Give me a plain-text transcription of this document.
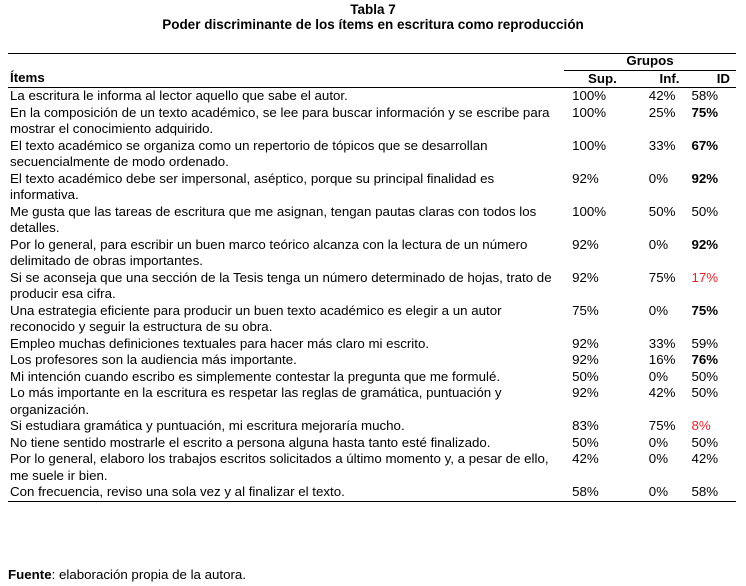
Tabla 7
Poder discriminante de los ítems en escritura como reproducción
	Grupos		
Ítems	Sup.	Inf.	ID
La escritura le informa al lector aquello que sabe el autor.	100%	42%	58%
En la composición de un texto académico, se lee para buscar información y se escribe para mostrar el conocimiento adquirido.	100%	25%	75%
El texto académico se organiza como un repertorio de tópicos que se desarrollan secuencialmente de modo ordenado.	100%	33%	67%
El texto académico debe ser impersonal, aséptico, porque su principal finalidad es informativa.	92%	0%	92%
Me gusta que las tareas de escritura que me asignan, tengan pautas claras con todos los detalles.	100%	50%	50%
Por lo general, para escribir un buen marco teórico alcanza con la lectura de un número delimitado de obras importantes.	92%	0%	92%
Si se aconseja que una sección de la Tesis tenga un número determinado de hojas, trato de producir esa cifra.	92%	75%	17%
Una estrategia eficiente para producir un buen texto académico es elegir a un autor reconocido y seguir la estructura de su obra.	75%	0%	75%
Empleo muchas definiciones textuales para hacer más claro mi escrito.	92%	33%	59%
Los profesores son la audiencia más importante.	92%	16%	76%
Mi intención cuando escribo es simplemente contestar la pregunta que me formulé.	50%	0%	50%
Lo más importante en la escritura es respetar las reglas de gramática, puntuación y organización.	92%	42%	50%
Si estudiara gramática y puntuación, mi escritura mejoraría mucho.	83%	75%	8%
No tiene sentido mostrarle el escrito a persona alguna hasta tanto esté finalizado.	50%	0%	50%
Por lo general, elaboro los trabajos escritos solicitados a último momento y, a pesar de ello, me suele ir bien.	42%	0%	42%
Con frecuencia, reviso una sola vez y al finalizar el texto.	58%	0%	58%
Fuente: elaboración propia de la autora.
